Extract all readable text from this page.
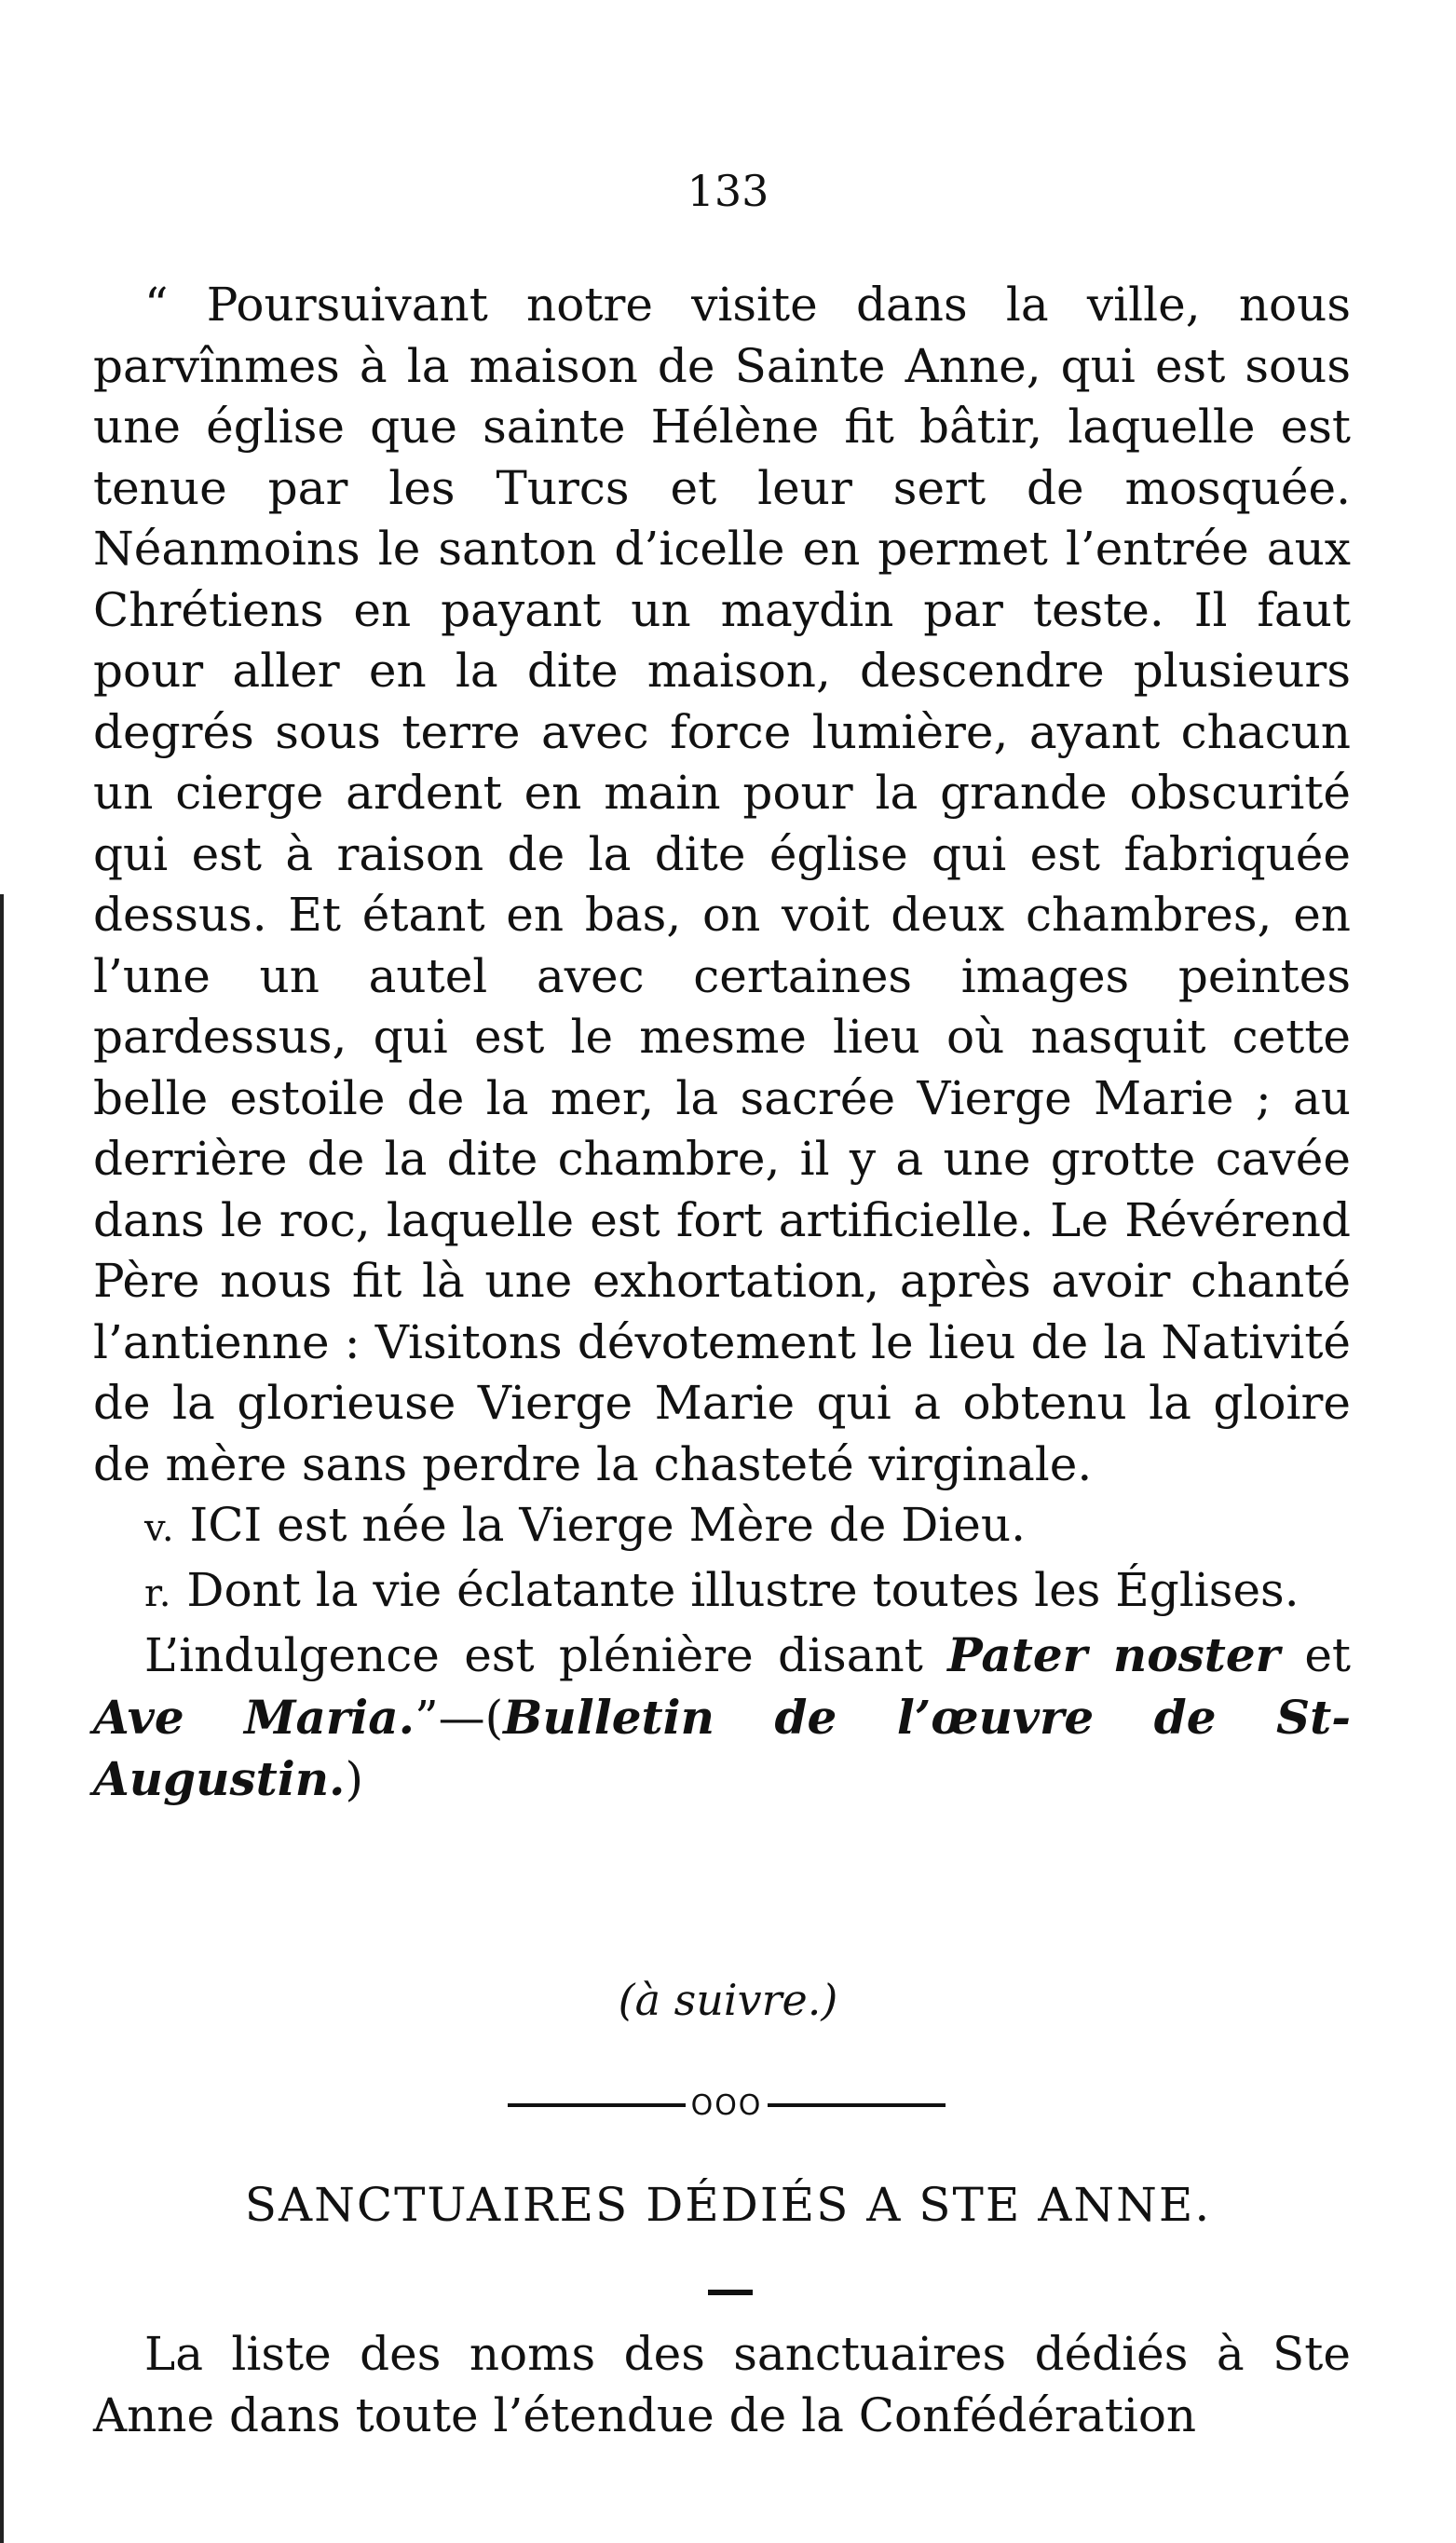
133

“ Poursuivant notre visite dans la ville, nous parvînmes à la maison de Sainte Anne, qui est sous une église que sainte Hélène fit bâtir, laquelle est tenue par les Turcs et leur sert de mosquée. Néanmoins le santon d’icelle en permet l’entrée aux Chrétiens en payant un maydin par teste. Il faut pour aller en la dite maison, descendre plusieurs degrés sous terre avec force lumière, ayant chacun un cierge ardent en main pour la grande obscurité qui est à raison de la dite église qui est fabriquée dessus. Et étant en bas, on voit deux chambres, en l’une un autel avec certaines images peintes pardessus, qui est le mesme lieu où nasquit cette belle estoile de la mer, la sacrée Vierge Marie ; au derrière de la dite chambre, il y a une grotte cavée dans le roc, laquelle est fort artificielle. Le Révérend Père nous fit là une exhortation, après avoir chanté l’antienne : Visitons dévotement le lieu de la Nativité de la glorieuse Vierge Marie qui a obtenu la gloire de mère sans perdre la chasteté virginale.

v. ICI est née la Vierge Mère de Dieu.

r. Dont la vie éclatante illustre toutes les Églises.

L’indulgence est plénière disant Pater noster et Ave Maria.”—(Bulletin de l’œuvre de St-Augustin.)

(à suivre.)
OOO
SANCTUAIRES DÉDIÉS A STE ANNE.

La liste des noms des sanctuaires dédiés à Ste Anne dans toute l’étendue de la Confédération
